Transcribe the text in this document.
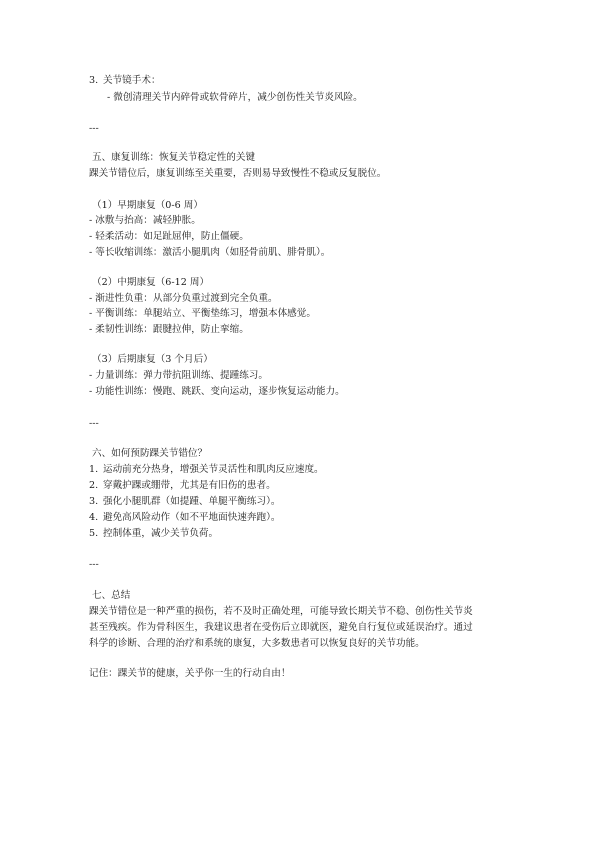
3. 关节镜手术：
- 微创清理关节内碎骨或软骨碎片，减少创伤性关节炎风险。
---
五、康复训练：恢复关节稳定性的关键
踝关节错位后，康复训练至关重要，否则易导致慢性不稳或反复脱位。
（1）早期康复（0-6 周）
- 冰敷与抬高：减轻肿胀。
- 轻柔活动：如足趾屈伸，防止僵硬。
- 等长收缩训练：激活小腿肌肉（如胫骨前肌、腓骨肌）。
（2）中期康复（6-12 周）
- 渐进性负重：从部分负重过渡到完全负重。
- 平衡训练：单腿站立、平衡垫练习，增强本体感觉。
- 柔韧性训练：跟腱拉伸，防止挛缩。
（3）后期康复（3 个月后）
- 力量训练：弹力带抗阻训练、提踵练习。
- 功能性训练：慢跑、跳跃、变向运动，逐步恢复运动能力。
---
六、如何预防踝关节错位？
1. 运动前充分热身，增强关节灵活性和肌肉反应速度。
2. 穿戴护踝或绷带，尤其是有旧伤的患者。
3. 强化小腿肌群（如提踵、单腿平衡练习）。
4. 避免高风险动作（如不平地面快速奔跑）。
5. 控制体重，减少关节负荷。
---
七、总结
踝关节错位是一种严重的损伤，若不及时正确处理，可能导致长期关节不稳、创伤性关节炎
甚至残疾。作为骨科医生，我建议患者在受伤后立即就医，避免自行复位或延误治疗。通过
科学的诊断、合理的治疗和系统的康复，大多数患者可以恢复良好的关节功能。
记住：踝关节的健康，关乎你一生的行动自由！
